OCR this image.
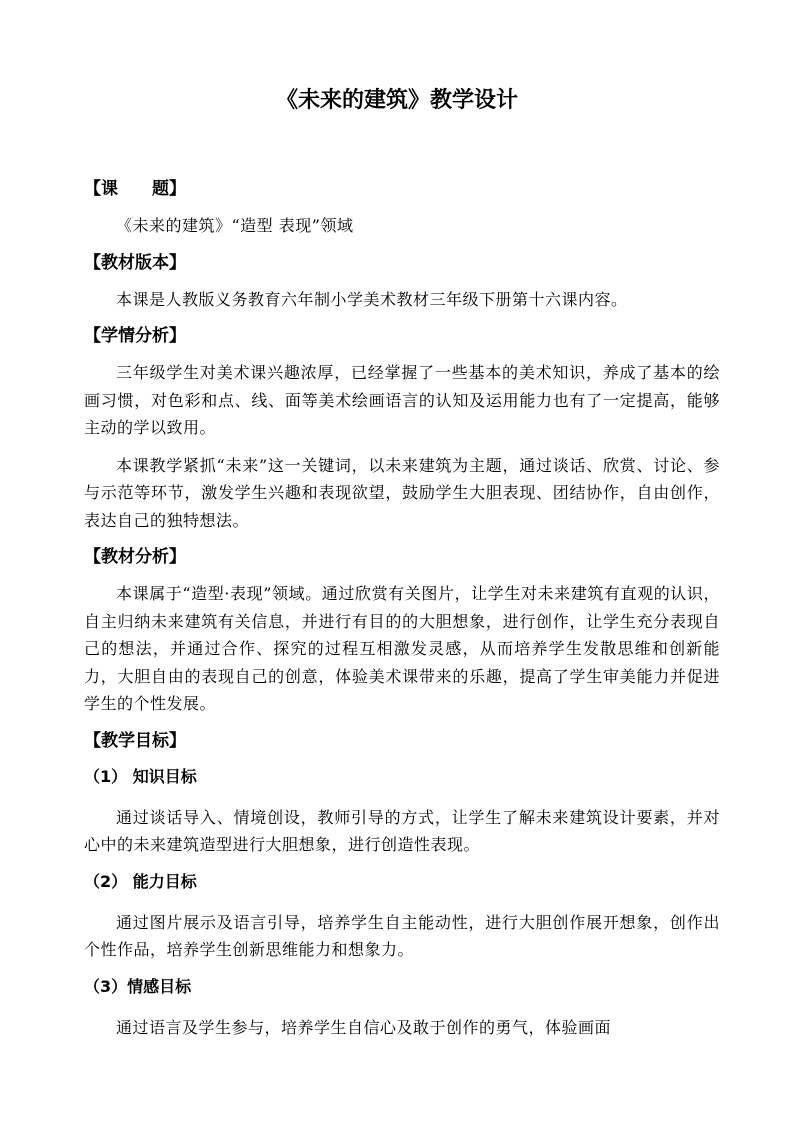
《未来的建筑》教学设计

【课　　题】

《未来的建筑》“造型 表现”领域

【教材版本】

本课是人教版义务教育六年制小学美术教材三年级下册第十六课内容。

【学情分析】

三年级学生对美术课兴趣浓厚，已经掌握了一些基本的美术知识，养成了基本的绘画习惯，对色彩和点、线、面等美术绘画语言的认知及运用能力也有了一定提高，能够主动的学以致用。

本课教学紧抓“未来”这一关键词，以未来建筑为主题，通过谈话、欣赏、讨论、参与示范等环节，激发学生兴趣和表现欲望，鼓励学生大胆表现、团结协作，自由创作，表达自己的独特想法。

【教材分析】

本课属于“造型·表现”领域。通过欣赏有关图片，让学生对未来建筑有直观的认识，自主归纳未来建筑有关信息，并进行有目的的大胆想象，进行创作，让学生充分表现自己的想法，并通过合作、探究的过程互相激发灵感，从而培养学生发散思维和创新能力，大胆自由的表现自己的创意，体验美术课带来的乐趣，提高了学生审美能力并促进学生的个性发展。

【教学目标】

（1） 知识目标

通过谈话导入、情境创设，教师引导的方式，让学生了解未来建筑设计要素，并对心中的未来建筑造型进行大胆想象，进行创造性表现。

（2） 能力目标

通过图片展示及语言引导，培养学生自主能动性，进行大胆创作展开想象，创作出个性作品，培养学生创新思维能力和想象力。

（3）情感目标

通过语言及学生参与，培养学生自信心及敢于创作的勇气，体验画面
